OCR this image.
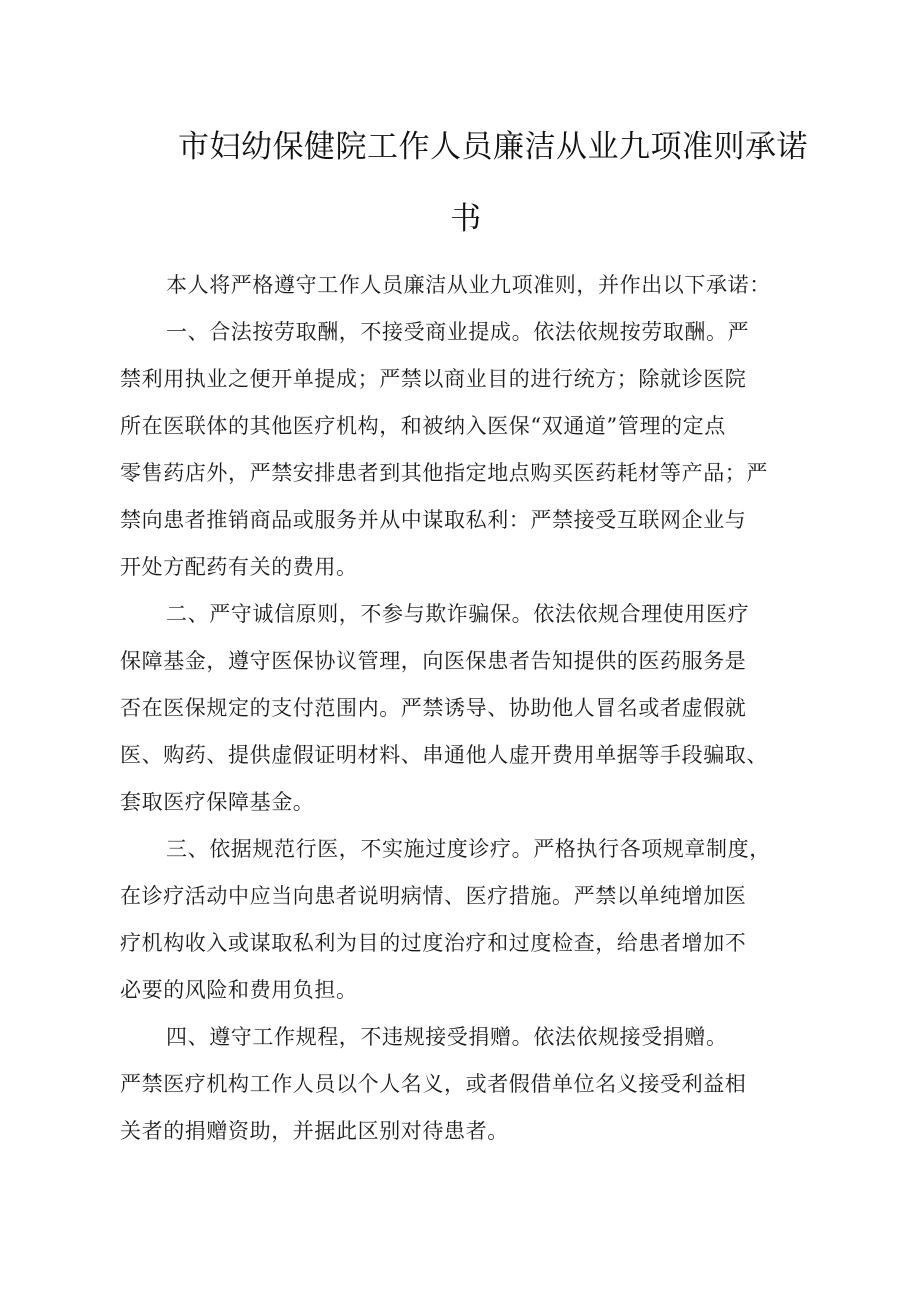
市妇幼保健院工作人员廉洁从业九项准则承诺
书
本人将严格遵守工作人员廉洁从业九项准则，并作出以下承诺：
一、合法按劳取酬，不接受商业提成。依法依规按劳取酬。严
禁利用执业之便开单提成；严禁以商业目的进行统方；除就诊医院
所在医联体的其他医疗机构，和被纳入医保“双通道”管理的定点
零售药店外，严禁安排患者到其他指定地点购买医药耗材等产品；严
禁向患者推销商品或服务并从中谋取私利：严禁接受互联网企业与
开处方配药有关的费用。
二、严守诚信原则，不参与欺诈骗保。依法依规合理使用医疗
保障基金，遵守医保协议管理，向医保患者告知提供的医药服务是
否在医保规定的支付范围内。严禁诱导、协助他人冒名或者虚假就
医、购药、提供虚假证明材料、串通他人虚开费用单据等手段骗取、
套取医疗保障基金。
三、依据规范行医，不实施过度诊疗。严格执行各项规章制度，
在诊疗活动中应当向患者说明病情、医疗措施。严禁以单纯增加医
疗机构收入或谋取私利为目的过度治疗和过度检查，给患者增加不
必要的风险和费用负担。
四、遵守工作规程，不违规接受捐赠。依法依规接受捐赠。
严禁医疗机构工作人员以个人名义，或者假借单位名义接受利益相
关者的捐赠资助，并据此区别对待患者。
